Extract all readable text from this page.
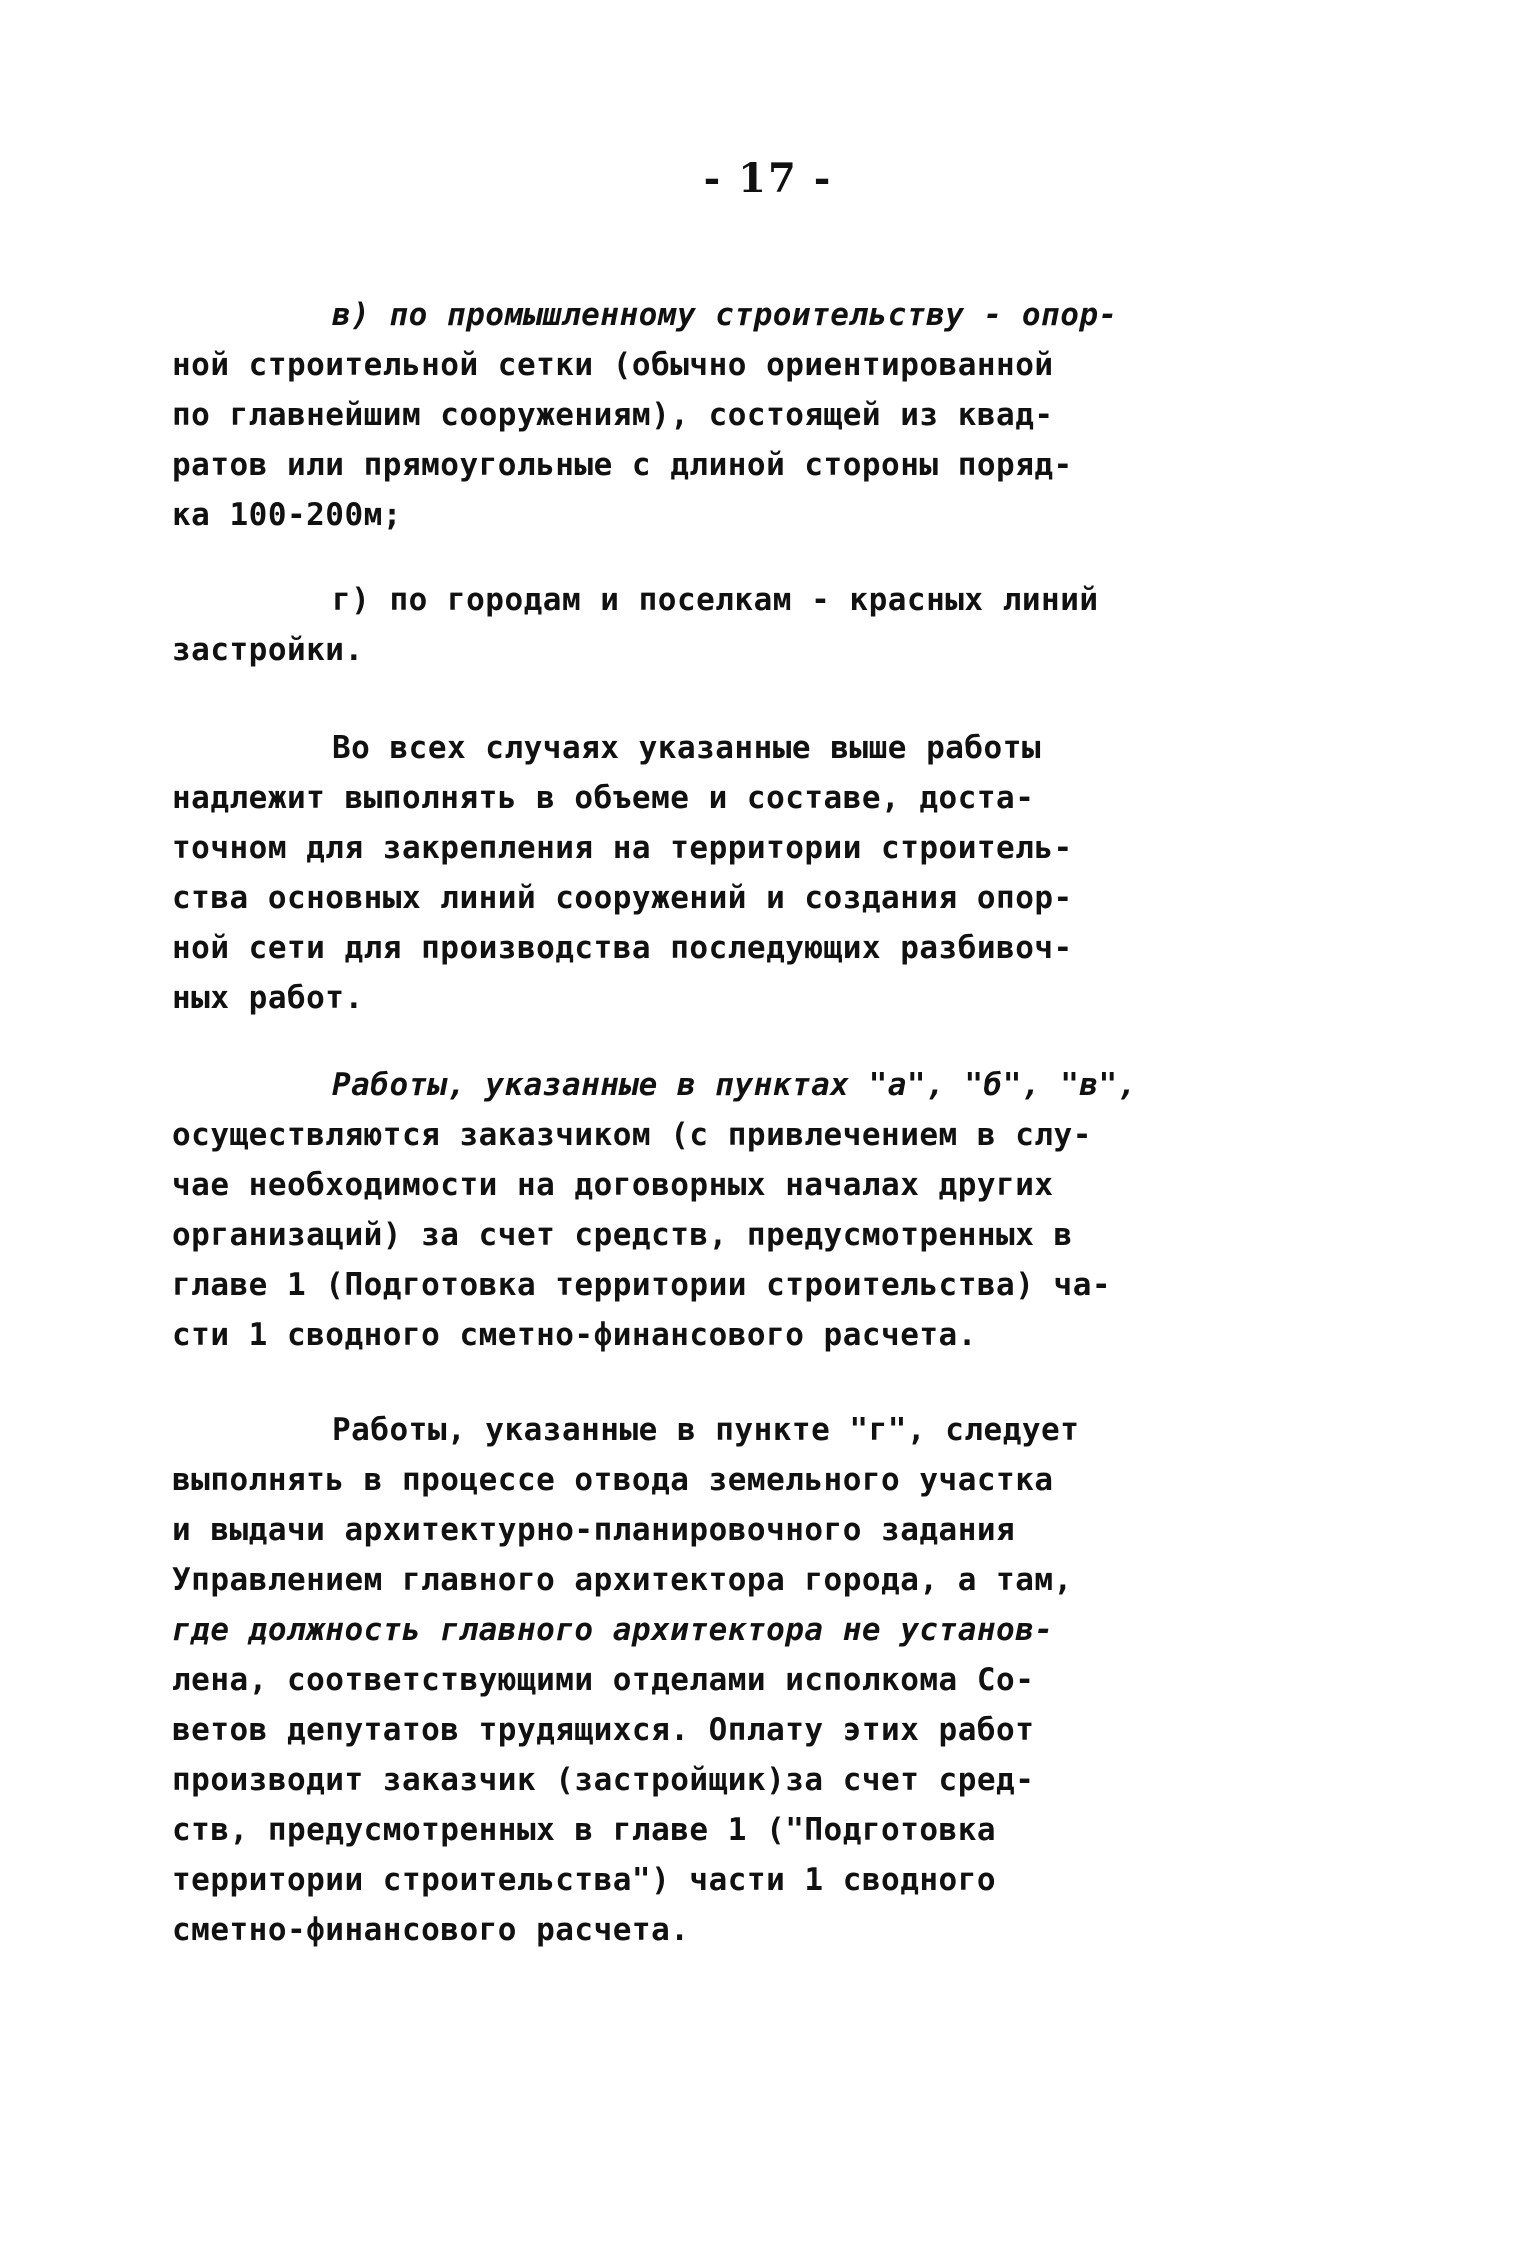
- 17 -
в) по промышленному строительству - опор-
ной строительной сетки (обычно ориентированной
по главнейшим сооружениям), состоящей из квад-
ратов или прямоугольные с длиной стороны поряд-
ка 100-200м;
г) по городам и поселкам - красных линий
застройки.
Во всех случаях указанные выше работы
надлежит выполнять в объеме и составе, доста-
точном для закрепления на территории строитель-
ства основных линий сооружений и создания опор-
ной сети для производства последующих разбивоч-
ных работ.
Работы, указанные в пунктах "а", "б", "в",
осуществляются заказчиком (с привлечением в слу-
чае необходимости на договорных началах других
организаций) за счет средств, предусмотренных в
главе 1 (Подготовка территории строительства) ча-
сти 1 сводного сметно-финансового расчета.
Работы, указанные в пункте "г", следует
выполнять в процессе отвода земельного участка
и выдачи архитектурно-планировочного задания
Управлением главного архитектора города, а там,
где должность главного архитектора не установ-
лена, соответствующими отделами исполкома Со-
ветов депутатов трудящихся. Оплату этих работ
производит заказчик (застройщик)за счет сред-
ств, предусмотренных в главе 1 ("Подготовка
территории строительства") части 1 сводного
сметно-финансового расчета.
